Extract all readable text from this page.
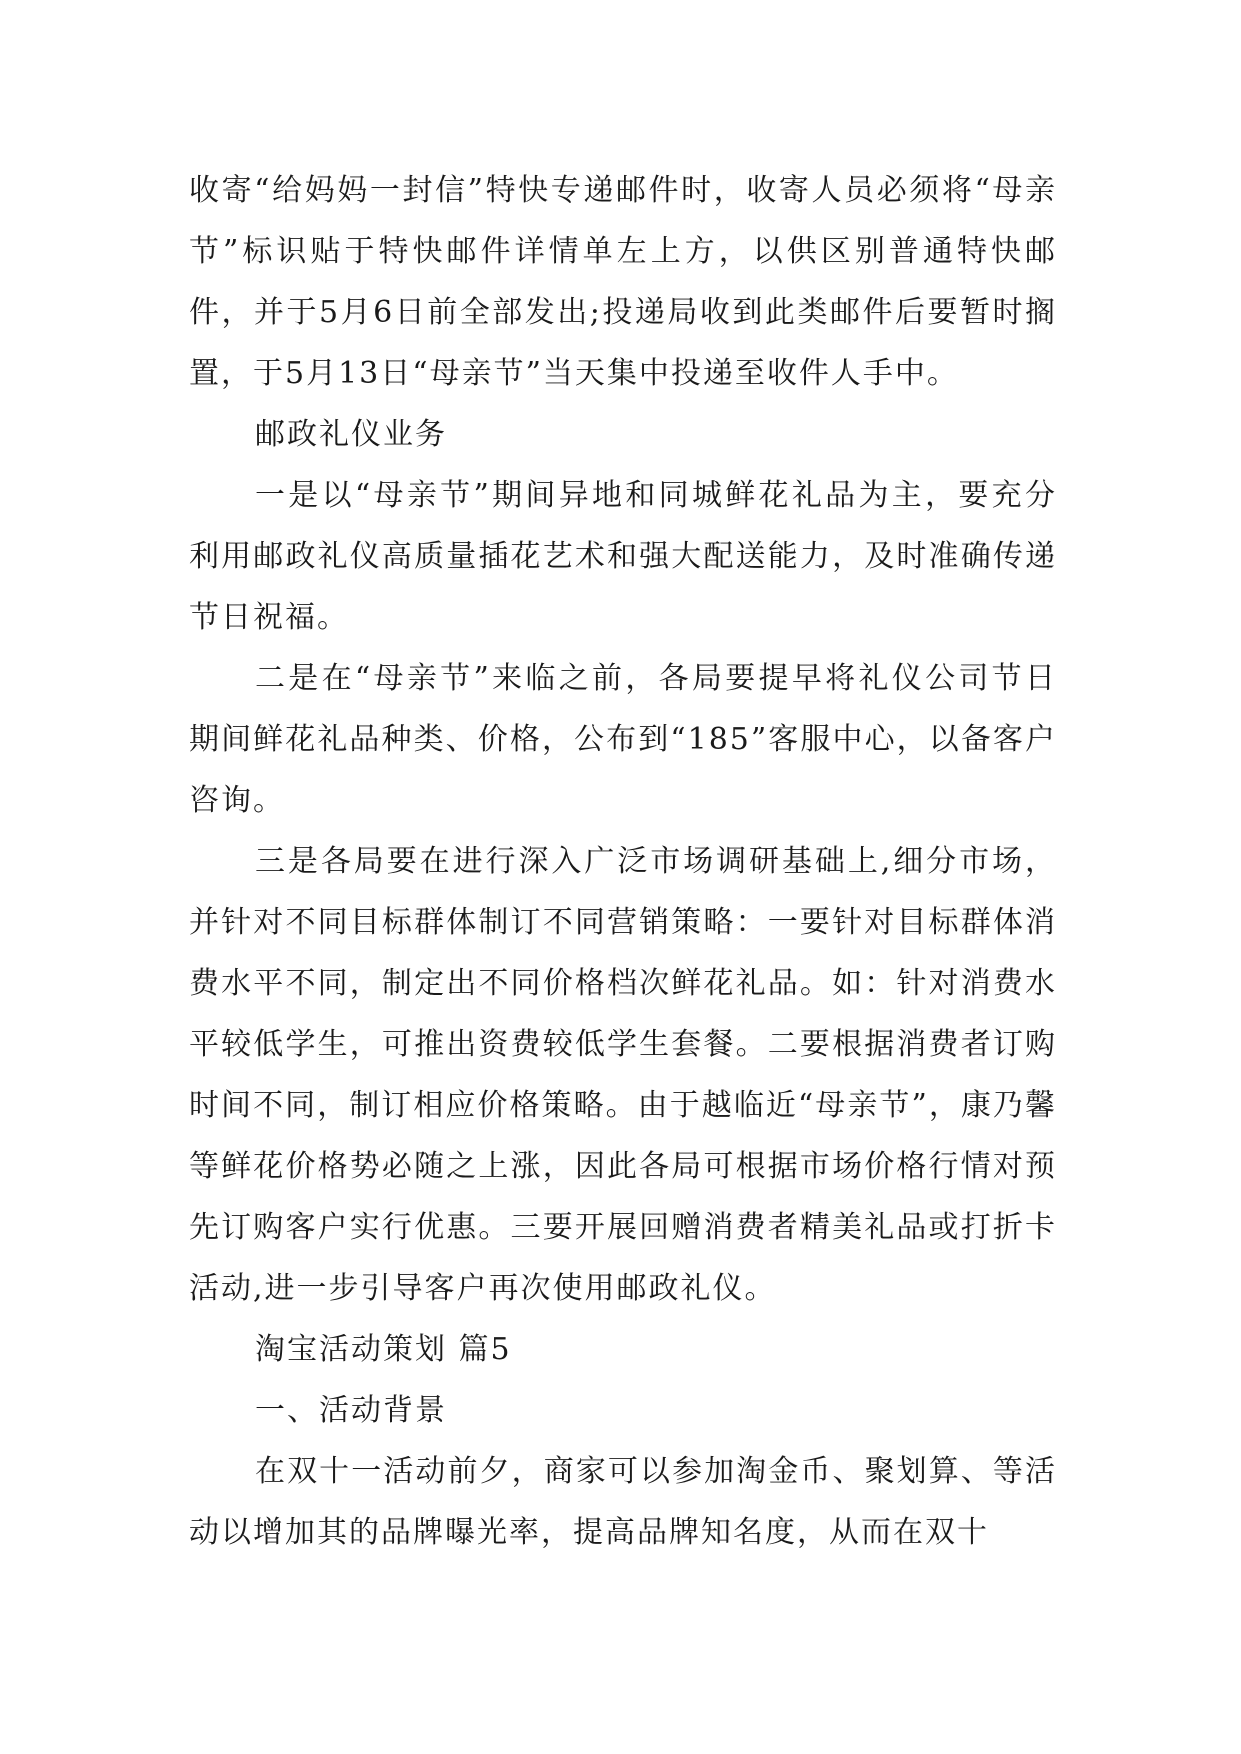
收寄“给妈妈一封信”特快专递邮件时，收寄人员必须将“母亲节”标识贴于特快邮件详情单左上方，以供区别普通特快邮件，并于5月6日前全部发出;投递局收到此类邮件后要暂时搁置，于5月13日“母亲节”当天集中投递至收件人手中。

邮政礼仪业务

一是以“母亲节”期间异地和同城鲜花礼品为主，要充分利用邮政礼仪高质量插花艺术和强大配送能力，及时准确传递节日祝福。

二是在“母亲节”来临之前，各局要提早将礼仪公司节日期间鲜花礼品种类、价格，公布到“185”客服中心，以备客户咨询。

三是各局要在进行深入广泛市场调研基础上,细分市场，并针对不同目标群体制订不同营销策略：一要针对目标群体消费水平不同，制定出不同价格档次鲜花礼品。如：针对消费水平较低学生，可推出资费较低学生套餐。二要根据消费者订购时间不同，制订相应价格策略。由于越临近“母亲节”，康乃馨等鲜花价格势必随之上涨，因此各局可根据市场价格行情对预先订购客户实行优惠。三要开展回赠消费者精美礼品或打折卡活动,进一步引导客户再次使用邮政礼仪。

淘宝活动策划 篇5

一、活动背景

在双十一活动前夕，商家可以参加淘金币、聚划算、等活动以增加其的品牌曝光率，提高品牌知名度，从而在双十
